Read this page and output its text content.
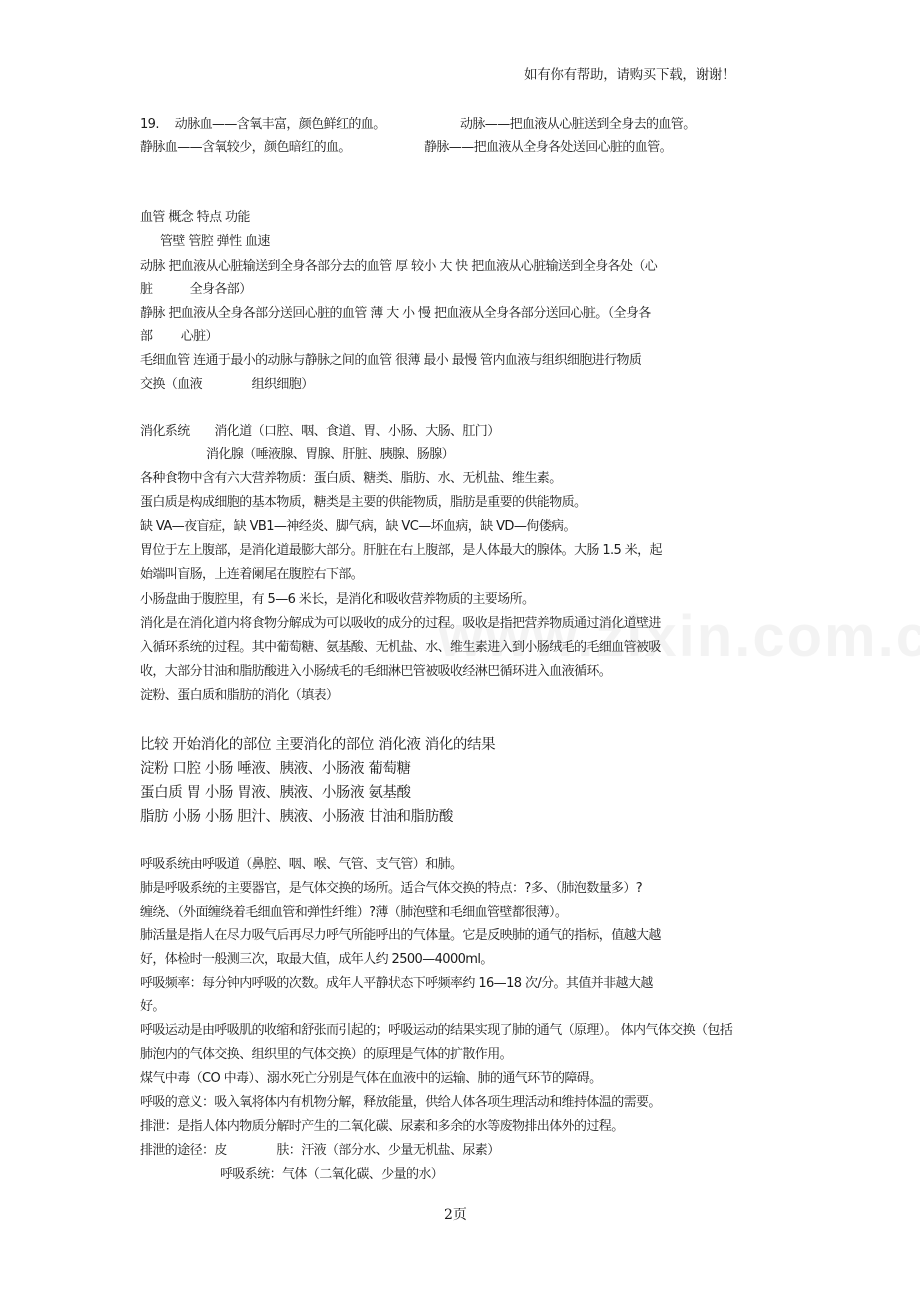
如有你有帮助，请购买下载，谢谢！
19.　 动脉血——含氧丰富，颜色鲜红的血。	动脉——把血液从心脏送到全身去的血管。
静脉血——含氧较少，颜色暗红的血。	静脉——把血液从全身各处送回心脏的血管。
血管 概念 特点 功能
管壁 管腔 弹性 血速
动脉 把血液从心脏输送到全身各部分去的血管 厚 较小 大 快 把血液从心脏输送到全身各处（心
脏　　　全身各部）
静脉 把血液从全身各部分送回心脏的血管 薄 大 小 慢 把血液从全身各部分送回心脏。（全身各
部　　 心脏）
毛细血管 连通于最小的动脉与静脉之间的血管 很薄 最小 最慢 管内血液与组织细胞进行物质
交换（血液　　　　组织细胞）
消化系统　　消化道（口腔、咽、食道、胃、小肠、大肠、肛门）
消化腺（唾液腺、胃腺、肝脏、胰腺、肠腺）
各种食物中含有六大营养物质：蛋白质、糖类、脂肪、水、无机盐、维生素。
蛋白质是构成细胞的基本物质，糖类是主要的供能物质，脂肪是重要的供能物质。
缺 VA—夜盲症，缺 VB1—神经炎、脚气病，缺 VC—坏血病，缺 VD—佝偻病。
胃位于左上腹部，是消化道最膨大部分。肝脏在右上腹部，是人体最大的腺体。大肠 1.5 米，起
始端叫盲肠，上连着阑尾在腹腔右下部。
小肠盘曲于腹腔里，有 5—6 米长，是消化和吸收营养物质的主要场所。
消化是在消化道内将食物分解成为可以吸收的成分的过程。吸收是指把营养物质通过消化道壁进
入循环系统的过程。其中葡萄糖、氨基酸、无机盐、水、维生素进入到小肠绒毛的毛细血管被吸
收，大部分甘油和脂肪酸进入小肠绒毛的毛细淋巴管被吸收经淋巴循环进入血液循环。
淀粉、蛋白质和脂肪的消化（填表）
比较 开始消化的部位 主要消化的部位 消化液 消化的结果
淀粉 口腔 小肠 唾液、胰液、小肠液 葡萄糖
蛋白质 胃 小肠 胃液、胰液、小肠液 氨基酸
脂肪 小肠 小肠 胆汁、胰液、小肠液 甘油和脂肪酸
呼吸系统由呼吸道（鼻腔、咽、喉、气管、支气管）和肺。
肺是呼吸系统的主要器官，是气体交换的场所。适合气体交换的特点：?多、（肺泡数量多）?
缠绕、（外面缠绕着毛细血管和弹性纤维）?薄（肺泡壁和毛细血管壁都很薄）。
肺活量是指人在尽力吸气后再尽力呼气所能呼出的气体量。它是反映肺的通气的指标，值越大越
好，体检时一般测三次，取最大值，成年人约 2500—4000ml。
呼吸频率：每分钟内呼吸的次数。成年人平静状态下呼频率约 16—18 次/分。其值并非越大越
好。
呼吸运动是由呼吸肌的收缩和舒张而引起的；呼吸运动的结果实现了肺的通气（原理）。 体内气体交换（包括
肺泡内的气体交换、组织里的气体交换）的原理是气体的扩散作用。
煤气中毒（CO 中毒）、溺水死亡分别是气体在血液中的运输、肺的通气环节的障碍。
呼吸的意义：吸入氧将体内有机物分解，释放能量，供给人体各项生理活动和维持体温的需要。
排泄：是指人体内物质分解时产生的二氧化碳、尿素和多余的水等废物排出体外的过程。
排泄的途径：皮　　　　肤：汗液（部分水、少量无机盐、尿素）
呼吸系统：气体（二氧化碳、少量的水）
2页
